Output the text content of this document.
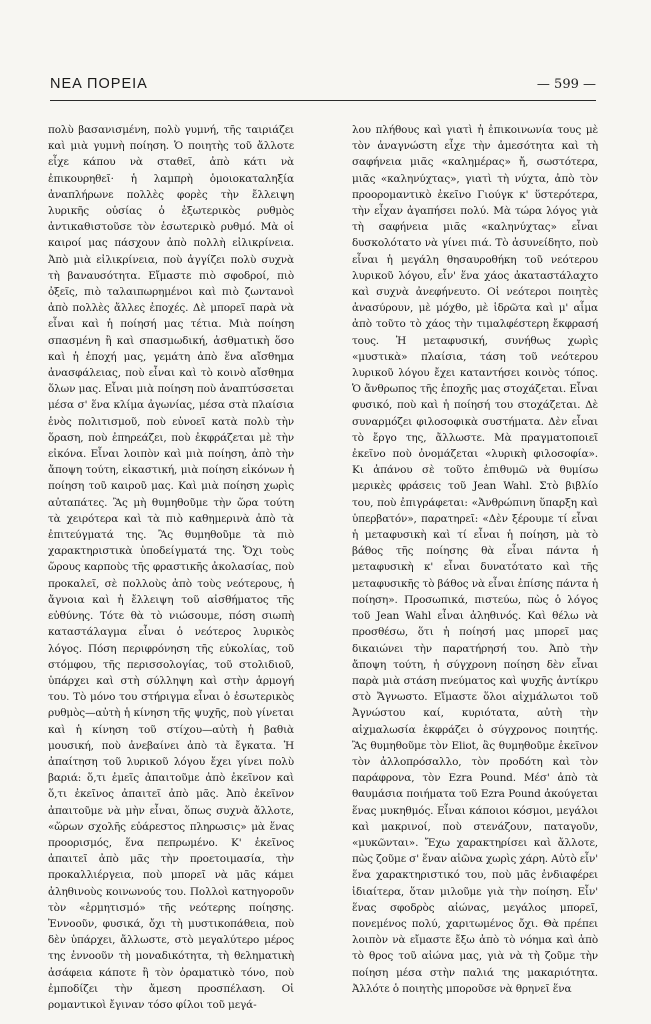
ΝΕΑ ΠΟΡΕΙΑ	— 599 —

πολὺ βασανισμένη, πολὺ γυμνή, τῆς ταιριάζει καὶ μιὰ γυμνὴ ποίηση. Ὁ ποιητὴς τοῦ ἄλλοτε εἶχε κάπου νὰ σταθεῖ, ἀπὸ κάτι νὰ ἐπικουρηθεῖ· ἡ λαμπρὴ ὁμοιοκαταληξία ἀναπλήρωνε πολλὲς φορὲς τὴν ἔλλειψη λυρικῆς οὐσίας ὁ ἐξωτερικὸς ρυθμὸς ἀντικαθιστοῦσε τὸν ἐσωτερικὸ ρυθμό. Μὰ οἱ καιροί μας πάσχουν ἀπὸ πολλὴ εἰλικρίνεια. Ἀπὸ μιὰ εἰλικρίνεια, ποὺ ἀγγίζει πολὺ συχνὰ τὴ βαναυσότητα. Εἴμαστε πιὸ σφοδροί, πιὸ ὀξεῖς, πιὸ ταλαιπωρημένοι καὶ πιὸ ζωντανοὶ ἀπὸ πολλὲς ἄλλες ἐποχές. Δὲ μπορεῖ παρὰ νὰ εἶναι καὶ ἡ ποίησή μας τέτια. Μιὰ ποίηση σπασμένη ἢ καὶ σπασμωδική, ἀσθματικὴ ὅσο καὶ ἡ ἐποχή μας, γεμάτη ἀπὸ ἕνα αἴσθημα ἀνασφάλειας, ποὺ εἶναι καὶ τὸ κοινὸ αἴσθημα ὅλων μας. Εἶναι μιὰ ποίηση ποὺ ἀναπτύσσεται μέσα σ' ἕνα κλίμα ἀγωνίας, μέσα στὰ πλαίσια ἑνὸς πολιτισμοῦ, ποὺ εὐνοεῖ κατὰ πολὺ τὴν ὅραση, ποὺ ἐπηρεάζει, ποὺ ἐκφράζεται μὲ τὴν εἰκόνα. Εἶναι λοιπὸν καὶ μιὰ ποίηση, ἀπὸ τὴν ἄποψη τούτη, εἰκαστική, μιὰ ποίηση εἰκόνων ἡ ποίηση τοῦ καιροῦ μας. Καὶ μιὰ ποίηση χωρὶς αὐταπάτες. Ἂς μὴ θυμηθοῦμε τὴν ὥρα τούτη τὰ χειρότερα καὶ τὰ πιὸ καθημερινὰ ἀπὸ τὰ ἐπιτεύγματά της. Ἂς θυμηθοῦμε τὰ πιὸ χαρακτηριστικὰ ὑποδείγματά της. Ὄχι τοὺς ὥρους καρποὺς τῆς φραστικῆς ἀκολασίας, ποὺ προκαλεῖ, σὲ πολλοὺς ἀπὸ τοὺς νεότερους, ἡ ἄγνοια καὶ ἡ ἔλλειψη τοῦ αἰσθήματος τῆς εὐθύνης. Τότε θὰ τὸ νιώσουμε, πόση σιωπὴ καταστάλαγμα εἶναι ὁ νεότερος λυρικὸς λόγος. Πόση περιφρόνηση τῆς εὐκολίας, τοῦ στόμφου, τῆς περισσολογίας, τοῦ στολιδιοῦ, ὑπάρχει καὶ στὴ σύλληψη καὶ στὴν ἁρμογή του. Τὸ μόνο του στήριγμα εἶναι ὁ ἐσωτερικὸς ρυθμὸς—αὐτὴ ἡ κίνηση τῆς ψυχῆς, ποὺ γίνεται καὶ ἡ κίνηση τοῦ στίχου—αὐτὴ ἡ βαθιὰ μουσική, ποὺ ἀνεβαίνει ἀπὸ τὰ ἔγκατα. Ἡ ἀπαίτηση τοῦ λυρικοῦ λόγου ἔχει γίνει πολὺ βαριά: ὅ,τι ἐμεῖς ἀπαιτοῦμε ἀπὸ ἐκεῖνον καὶ ὅ,τι ἐκεῖνος ἀπαιτεῖ ἀπὸ μᾶς. Ἀπὸ ἐκεῖνον ἀπαιτοῦμε νὰ μὴν εἶναι, ὅπως συχνὰ ἄλλοτε, «ὥρων σχολῆς εὐάρεστος πληρωσις» μὰ ἕνας προορισμός, ἕνα πεπρωμένο. Κ' ἐκεῖνος ἀπαιτεῖ ἀπὸ μᾶς τὴν προετοιμασία, τὴν προκαλλιέργεια, ποὺ μπορεῖ νὰ μᾶς κάμει ἀληθινοὺς κοινωνούς του. Πολλοὶ κατηγοροῦν τὸν «ἑρμητισμό» τῆς νεότερης ποίησης. Ἐννοοῦν, φυσικά, ὄχι τὴ μυστικοπάθεια, ποὺ δὲν ὑπάρχει, ἄλλωστε, στὸ μεγαλύτερο μέρος της ἐννοοῦν τὴ μοναδικότητα, τὴ θεληματικὴ ἀσάφεια κάποτε ἢ τὸν ὀραματικὸ τόνο, ποὺ ἐμποδίζει τὴν ἄμεση προσπέλαση. Οἱ ρομαντικοὶ ἔγιναν τόσο φίλοι τοῦ μεγά-

λου πλήθους καὶ γιατὶ ἡ ἐπικοινωνία τους μὲ τὸν ἀναγνώστη εἶχε τὴν ἀμεσότητα καὶ τὴ σαφήνεια μιᾶς «καλημέρας» ἤ, σωστότερα, μιᾶς «καληνύχτας», γιατὶ τὴ νύχτα, ἀπὸ τὸν προορομαντικὸ ἐκεῖνο Γιούγκ κ' ὕστερότερα, τὴν εἶχαν ἀγαπήσει πολύ. Μὰ τώρα λόγος γιὰ τὴ σαφήνεια μιᾶς «καληνύχτας» εἶναι δυσκολότατο νὰ γίνει πιά. Τὸ ἀσυνείδητο, ποὺ εἶναι ἡ μεγάλη θησαυροθήκη τοῦ νεότερου λυρικοῦ λόγου, εἶν' ἕνα χάος ἀκαταστάλαχτο καὶ συχνὰ ἀνεφήνευτο. Οἱ νεότεροι ποιητὲς ἀνασύρουν, μὲ μόχθο, μὲ ἱδρῶτα καὶ μ' αἷμα ἀπὸ τοῦτο τὸ χάος τὴν τιμαλφέστερη ἔκφρασή τους. Ἡ μεταφυσική, συνήθως χωρὶς «μυστικὰ» πλαίσια, τάση τοῦ νεότερου λυρικοῦ λόγου ἔχει καταντήσει κοινὸς τόπος. Ὁ ἄνθρωπος τῆς ἐποχῆς μας στοχάζεται. Εἶναι φυσικό, ποὺ καὶ ἡ ποίησή του στοχάζεται. Δὲ συναρμόζει φιλοσοφικὰ συστήματα. Δὲν εἶναι τὸ ἔργο της, ἄλλωστε. Μὰ πραγματοποιεῖ ἐκεῖνο ποὺ ὀνομάζεται «λυρικὴ φιλοσοφία». Κι ἀπάνου σὲ τοῦτο ἐπιθυμῶ νὰ θυμίσω μερικὲς φράσεις τοῦ Jean Wahl. Στὸ βιβλίο του, ποὺ ἐπιγράφεται: «Ἀνθρώπινη ὕπαρξη καὶ ὑπερβατόν», παρατηρεῖ: «Δὲν ξέρουμε τί εἶναι ἡ μεταφυσικὴ καὶ τί εἶναι ἡ ποίηση, μὰ τὸ βάθος τῆς ποίησης θὰ εἶναι πάντα ἡ μεταφυσικὴ κ' εἶναι δυνατότατο καὶ τῆς μεταφυσικῆς τὸ βάθος νὰ εἶναι ἐπίσης πάντα ἡ ποίηση». Προσωπικά, πιστεύω, πὼς ὁ λόγος τοῦ Jean Wahl εἶναι ἀληθινός. Καὶ θέλω νὰ προσθέσω, ὅτι ἡ ποίησή μας μπορεῖ μας δικαιώνει τὴν παρατήρησή του. Ἀπὸ τὴν ἄποψη τούτη, ἡ σύγχρονη ποίηση δὲν εἶναι παρὰ μιὰ στάση πνεύματος καὶ ψυχῆς ἀντίκρυ στὸ Ἄγνωστο. Εἴμαστε ὅλοι αἰχμάλωτοι τοῦ Ἀγνώστου καί, κυριότατα, αὐτὴ τὴν αἰχμαλωσία ἐκφράζει ὁ σύγχρονος ποιητής. Ἂς θυμηθοῦμε τὸν Eliot, ἂς θυμηθοῦμε ἐκεῖνον τὸν ἀλλοπρόσαλλο, τὸν προδότη καὶ τὸν παράφρονα, τὸν Ezra Pound. Μέσ' ἀπὸ τὰ θαυμάσια ποιήματα τοῦ Ezra Pound ἀκούγεται ἕνας μυκηθμός. Εἶναι κάποιοι κόσμοι, μεγάλοι καὶ μακρινοί, ποὺ στενάζουν, παταγοῦν, «μυκῶνται». Ἔχω χαρακτηρίσει καὶ ἄλλοτε, πὼς ζοῦμε σ' ἕναν αἰῶνα χωρὶς χάρη. Αὐτὸ εἶν' ἕνα χαρακτηριστικό του, ποὺ μᾶς ἐνδιαφέρει ἰδιαίτερα, ὅταν μιλοῦμε γιὰ τὴν ποίηση. Εἶν' ἕνας σφοδρὸς αἰώνας, μεγάλος μπορεῖ, πονεμένος πολύ, χαριτωμένος ὄχι. Θὰ πρέπει λοιπὸν νὰ εἴμαστε ἔξω ἀπὸ τὸ νόημα καὶ ἀπὸ τὸ θρος τοῦ αἰώνα μας, γιὰ νὰ τὴ ζοῦμε τὴν ποίηση μέσα στὴν παλιά της μακαριότητα. Ἀλλότε ὁ ποιητὴς μποροῦσε νὰ θρηνεῖ ἕνα
